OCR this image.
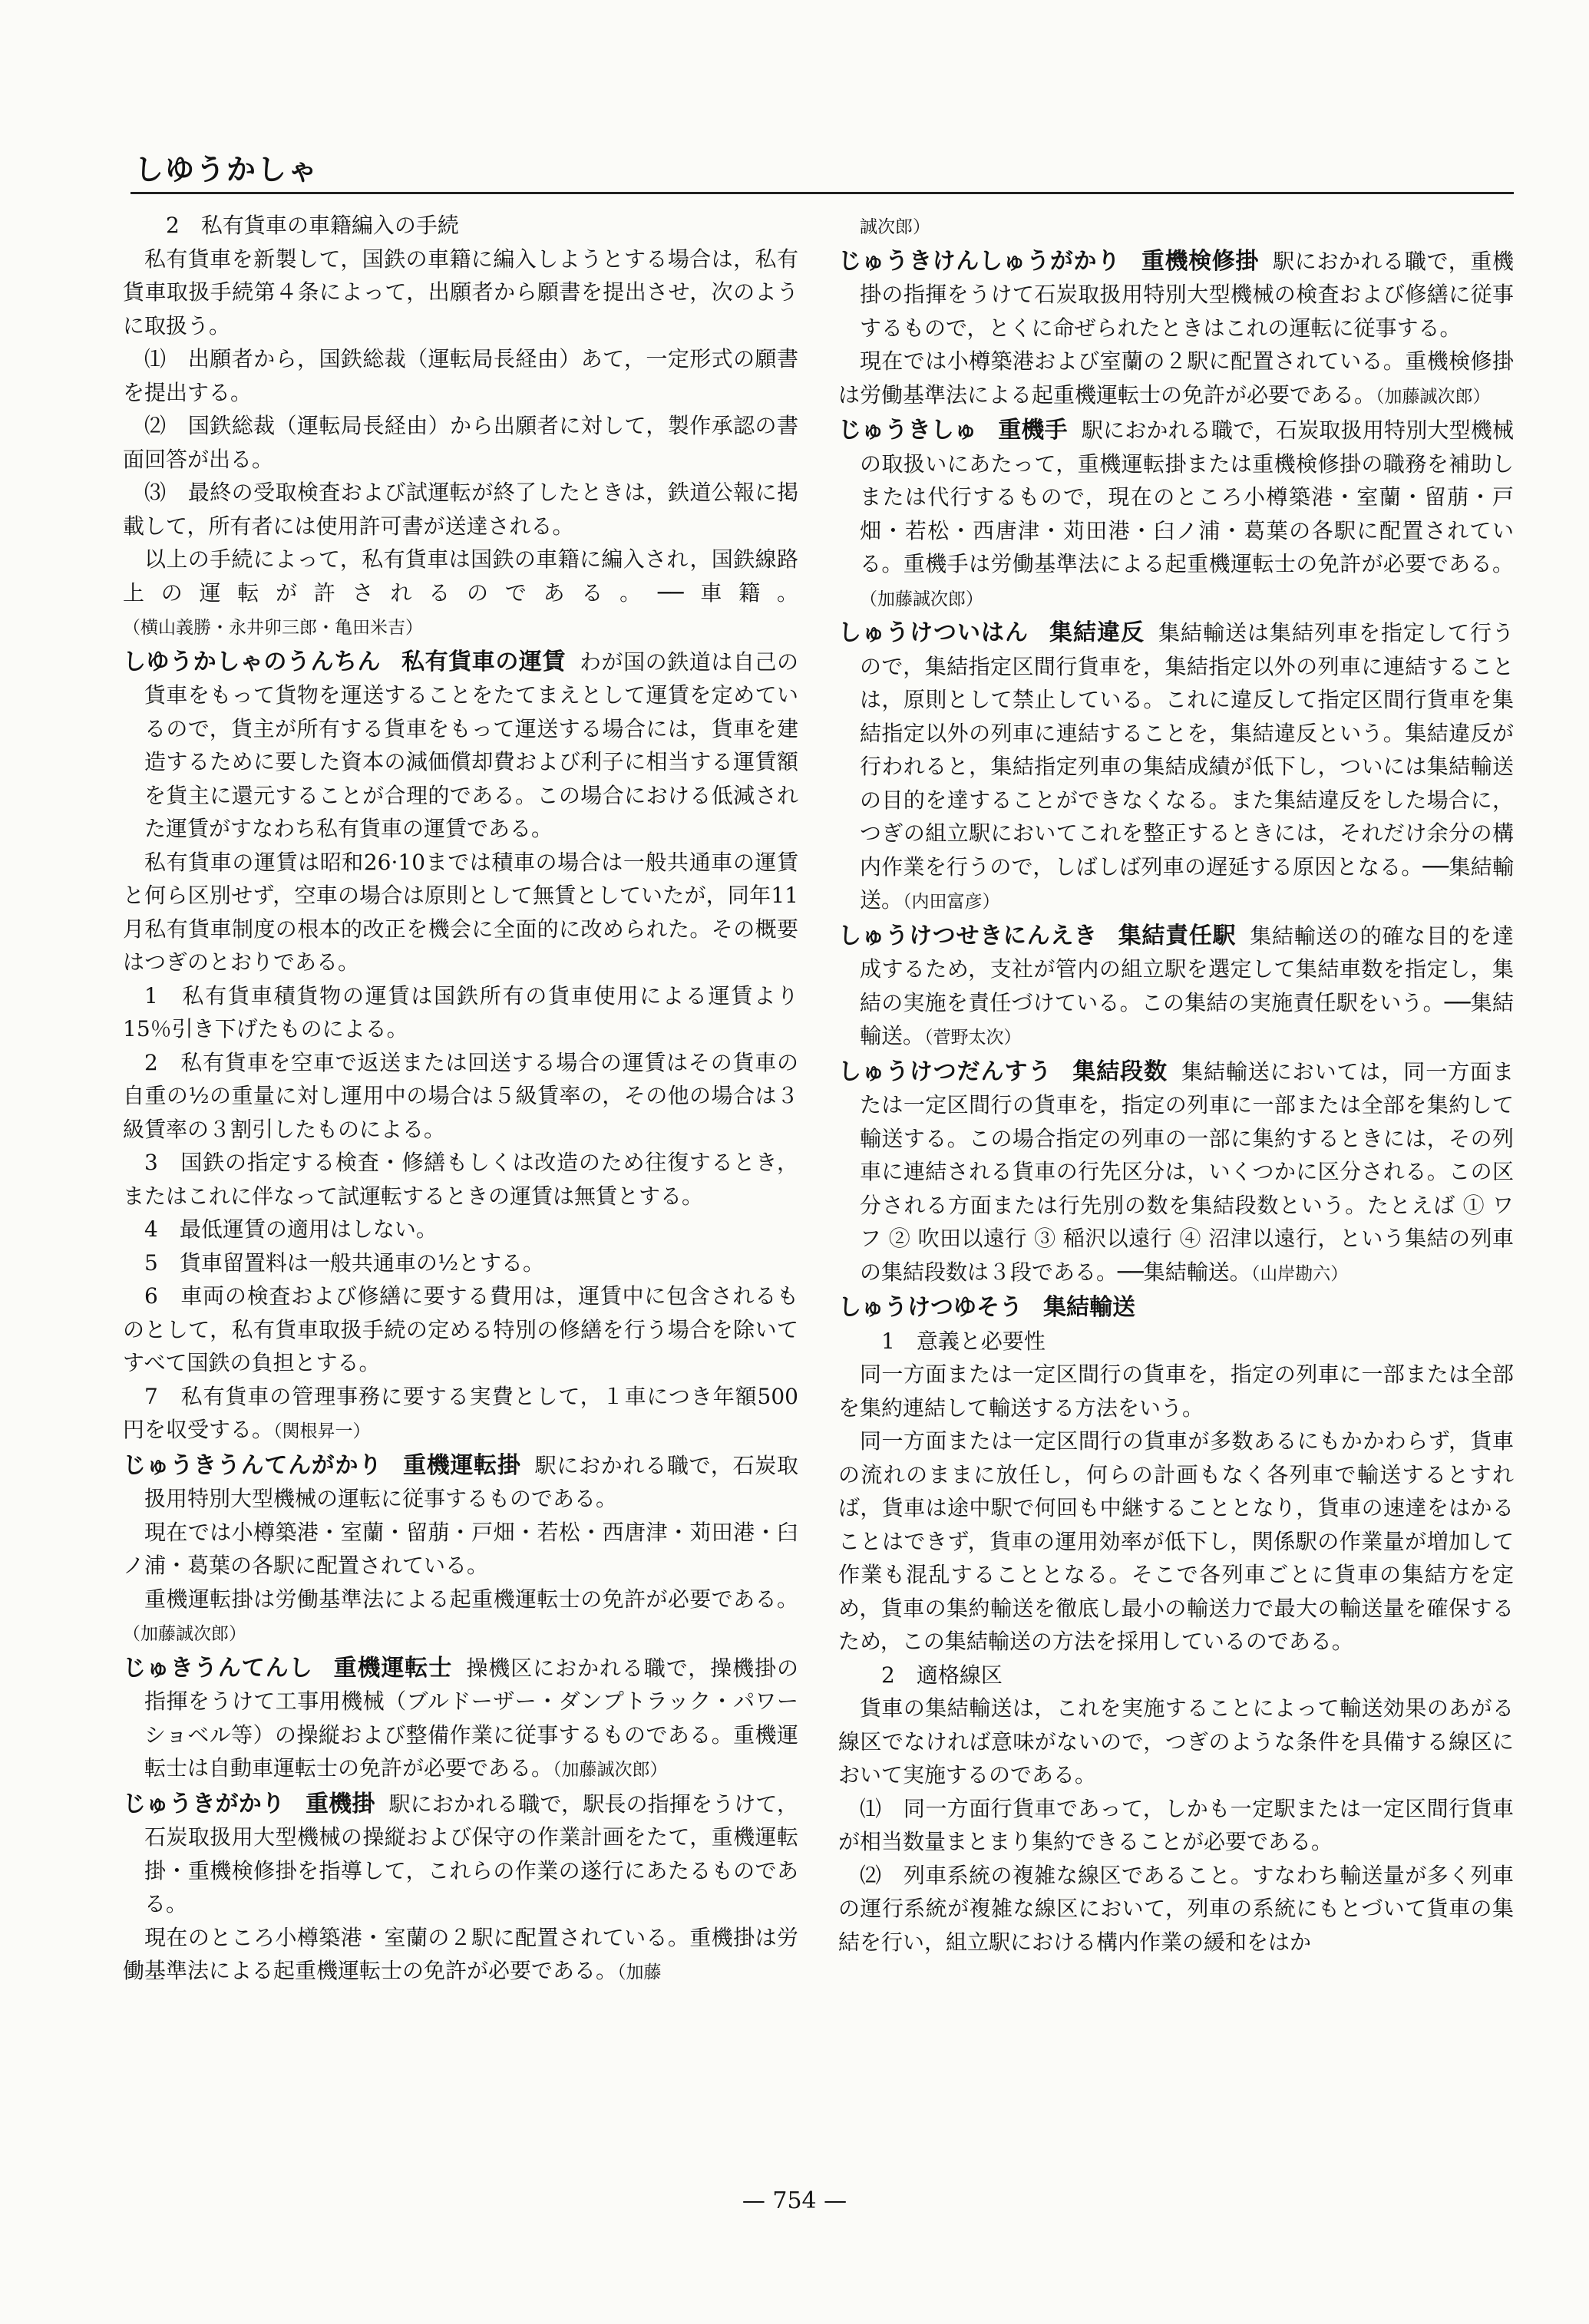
しゆうかしゃ

2　私有貨車の車籍編入の手続

私有貨車を新製して，国鉄の車籍に編入しようとする場合は，私有貨車取扱手続第４条によって，出願者から願書を提出させ，次のように取扱う。

⑴　出願者から，国鉄総裁（運転局長経由）あて，一定形式の願書を提出する。

⑵　国鉄総裁（運転局長経由）から出願者に対して，製作承認の書面回答が出る。

⑶　最終の受取検査および試運転が終了したときは，鉄道公報に掲載して，所有者には使用許可書が送達される。

以上の手続によって，私有貨車は国鉄の車籍に編入され，国鉄線路上の運転が許されるのである。──車籍。（横山義勝・永井卯三郎・亀田米吉）

しゆうかしゃのうんちん 私有貨車の運賃 わが国の鉄道は自己の貨車をもって貨物を運送することをたてまえとして運賃を定めているので，貨主が所有する貨車をもって運送する場合には，貨車を建造するために要した資本の減価償却費および利子に相当する運賃額を貨主に還元することが合理的である。この場合における低減された運賃がすなわち私有貨車の運賃である。

私有貨車の運賃は昭和26·10までは積車の場合は一般共通車の運賃と何ら区別せず，空車の場合は原則として無賃としていたが，同年11月私有貨車制度の根本的改正を機会に全面的に改められた。その概要はつぎのとおりである。

1　私有貨車積貨物の運賃は国鉄所有の貨車使用による運賃より15％引き下げたものによる。

2　私有貨車を空車で返送または回送する場合の運賃はその貨車の自重の½の重量に対し運用中の場合は５級賃率の，その他の場合は３級賃率の３割引したものによる。

3　国鉄の指定する検査・修繕もしくは改造のため往復するとき，またはこれに伴なって試運転するときの運賃は無賃とする。

4　最低運賃の適用はしない。

5　貨車留置料は一般共通車の½とする。

6　車両の検査および修繕に要する費用は，運賃中に包含されるものとして，私有貨車取扱手続の定める特別の修繕を行う場合を除いてすべて国鉄の負担とする。

7　私有貨車の管理事務に要する実費として，１車につき年額500円を収受する。（関根昇一）

じゅうきうんてんがかり 重機運転掛 駅におかれる職で，石炭取扱用特別大型機械の運転に従事するものである。

現在では小樽築港・室蘭・留萠・戸畑・若松・西唐津・苅田港・臼ノ浦・葛葉の各駅に配置されている。

重機運転掛は労働基準法による起重機運転士の免許が必要である。（加藤誠次郎）

じゅきうんてんし 重機運転士 操機区におかれる職で，操機掛の指揮をうけて工事用機械（ブルドーザー・ダンプトラック・パワーショベル等）の操縦および整備作業に従事するものである。重機運転士は自動車運転士の免許が必要である。（加藤誠次郎）

じゅうきがかり 重機掛 駅におかれる職で，駅長の指揮をうけて，石炭取扱用大型機械の操縦および保守の作業計画をたて，重機運転掛・重機検修掛を指導して，これらの作業の遂行にあたるものである。

現在のところ小樽築港・室蘭の２駅に配置されている。重機掛は労働基準法による起重機運転士の免許が必要である。（加藤

誠次郎）

じゅうきけんしゅうがかり 重機検修掛 駅におかれる職で，重機掛の指揮をうけて石炭取扱用特別大型機械の検査および修繕に従事するもので，とくに命ぜられたときはこれの運転に従事する。

現在では小樽築港および室蘭の２駅に配置されている。重機検修掛は労働基準法による起重機運転士の免許が必要である。（加藤誠次郎）

じゅうきしゅ 重機手 駅におかれる職で，石炭取扱用特別大型機械の取扱いにあたって，重機運転掛または重機検修掛の職務を補助しまたは代行するもので，現在のところ小樽築港・室蘭・留萠・戸畑・若松・西唐津・苅田港・臼ノ浦・葛葉の各駅に配置されている。重機手は労働基準法による起重機運転士の免許が必要である。（加藤誠次郎）

しゅうけついはん 集結違反 集結輸送は集結列車を指定して行うので，集結指定区間行貨車を，集結指定以外の列車に連結することは，原則として禁止している。これに違反して指定区間行貨車を集結指定以外の列車に連結することを，集結違反という。集結違反が行われると，集結指定列車の集結成績が低下し，ついには集結輸送の目的を達することができなくなる。また集結違反をした場合に，つぎの組立駅においてこれを整正するときには，それだけ余分の構内作業を行うので，しばしば列車の遅延する原因となる。──集結輸送。（内田富彦）

しゅうけつせきにんえき 集結責任駅 集結輸送の的確な目的を達成するため，支社が管内の組立駅を選定して集結車数を指定し，集結の実施を責任づけている。この集結の実施責任駅をいう。──集結輸送。（菅野太次）

しゅうけつだんすう 集結段数 集結輸送においては，同一方面または一定区間行の貨車を，指定の列車に一部または全部を集約して輸送する。この場合指定の列車の一部に集約するときには，その列車に連結される貨車の行先区分は，いくつかに区分される。この区分される方面または行先別の数を集結段数という。たとえば ① ワフ ② 吹田以遠行 ③ 稲沢以遠行 ④ 沼津以遠行，という集結の列車の集結段数は３段である。──集結輸送。（山岸勘六）

しゅうけつゆそう 集結輸送

1　意義と必要性

同一方面または一定区間行の貨車を，指定の列車に一部または全部を集約連結して輸送する方法をいう。

同一方面または一定区間行の貨車が多数あるにもかかわらず，貨車の流れのままに放任し，何らの計画もなく各列車で輸送するとすれば，貨車は途中駅で何回も中継することとなり，貨車の速達をはかることはできず，貨車の運用効率が低下し，関係駅の作業量が増加して作業も混乱することとなる。そこで各列車ごとに貨車の集結方を定め，貨車の集約輸送を徹底し最小の輸送力で最大の輸送量を確保するため，この集結輸送の方法を採用しているのである。

2　適格線区

貨車の集結輸送は，これを実施することによって輸送効果のあがる線区でなければ意味がないので，つぎのような条件を具備する線区において実施するのである。

⑴　同一方面行貨車であって，しかも一定駅または一定区間行貨車が相当数量まとまり集約できることが必要である。

⑵　列車系統の複雑な線区であること。すなわち輸送量が多く列車の運行系統が複雑な線区において，列車の系統にもとづいて貨車の集結を行い，組立駅における構内作業の緩和をはか

— 754 —
